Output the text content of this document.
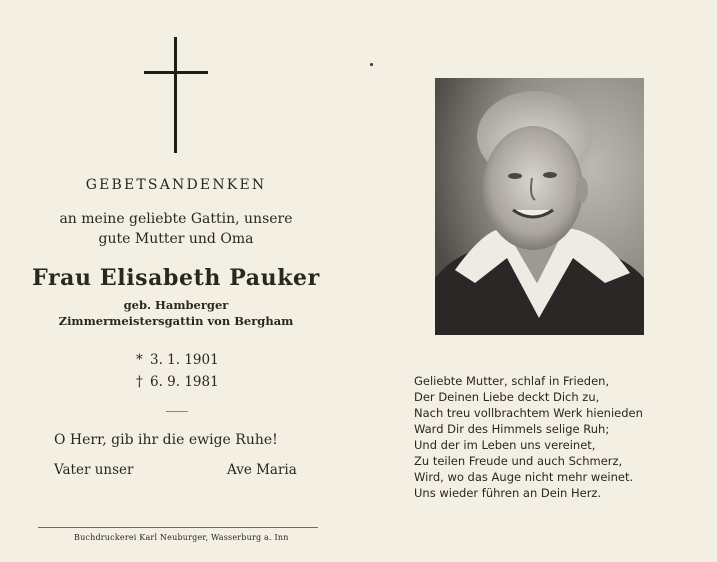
GEBETSANDENKEN
an meine geliebte Gattin, unsere
gute Mutter und Oma
Frau Elisabeth Pauker
geb. Hamberger
Zimmermeistersgattin von Bergham
* 3. 1. 1901
† 6. 9. 1981
O Herr, gib ihr die ewige Ruhe!
Vater unser	Ave Maria
Buchdruckerei Karl Neuburger, Wasserburg a. Inn
Geliebte Mutter, schlaf in Frieden,
Der Deinen Liebe deckt Dich zu,
Nach treu vollbrachtem Werk hienieden
Ward Dir des Himmels selige Ruh;
Und der im Leben uns vereinet,
Zu teilen Freude und auch Schmerz,
Wird, wo das Auge nicht mehr weinet.
Uns wieder führen an Dein Herz.
